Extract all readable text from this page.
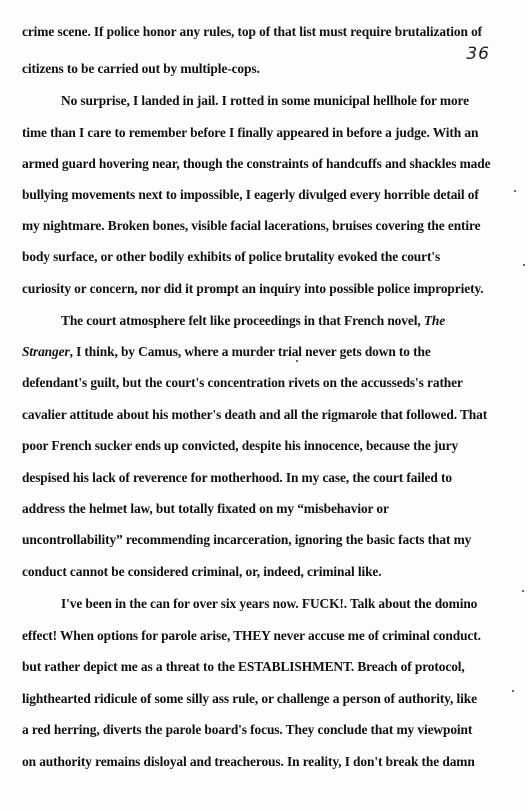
36
crime scene. If police honor any rules, top of that list must require brutalization of
citizens to be carried out by multiple-cops.
No surprise, I landed in jail. I rotted in some municipal hellhole for more
time than I care to remember before I finally appeared in before a judge. With an
armed guard hovering near, though the constraints of handcuffs and shackles made
bullying movements next to impossible, I eagerly divulged every horrible detail of
my nightmare. Broken bones, visible facial lacerations, bruises covering the entire
body surface, or other bodily exhibits of police brutality evoked the court's
curiosity or concern, nor did it prompt an inquiry into possible police impropriety.
The court atmosphere felt like proceedings in that French novel, The
Stranger, I think, by Camus, where a murder trial never gets down to the
defendant's guilt, but the court's concentration rivets on the accusseds's rather
cavalier attitude about his mother's death and all the rigmarole that followed. That
poor French sucker ends up convicted, despite his innocence, because the jury
despised his lack of reverence for motherhood. In my case, the court failed to
address the helmet law, but totally fixated on my “misbehavior or
uncontrollability” recommending incarceration, ignoring the basic facts that my
conduct cannot be considered criminal, or, indeed, criminal like.
I've been in the can for over six years now. FUCK!. Talk about the domino
effect! When options for parole arise, THEY never accuse me of criminal conduct.
but rather depict me as a threat to the ESTABLISHMENT. Breach of protocol,
lighthearted ridicule of some silly ass rule, or challenge a person of authority, like
a red herring, diverts the parole board's focus. They conclude that my viewpoint
on authority remains disloyal and treacherous. In reality, I don't break the damn
